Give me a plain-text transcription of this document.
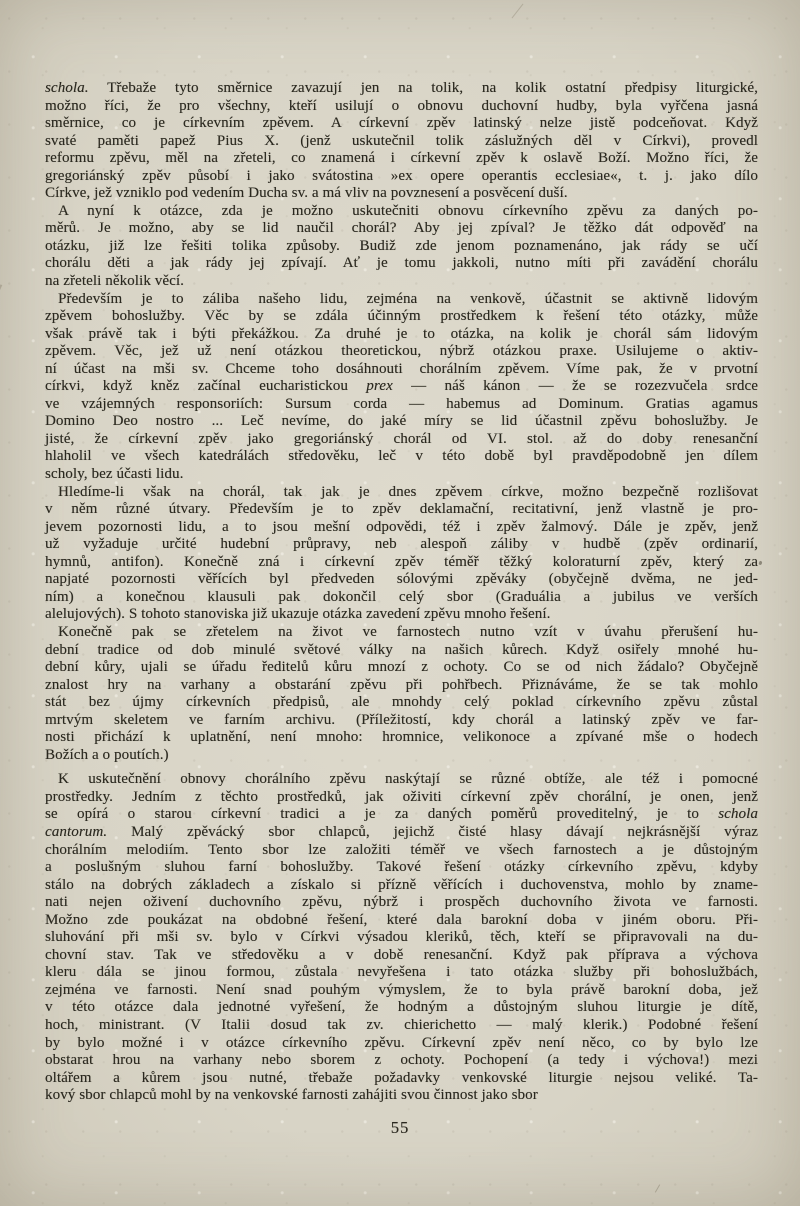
schola. Třebaže tyto směrnice zavazují jen na tolik, na kolik ostatní předpisy liturgické,
možno říci, že pro všechny, kteří usilují o obnovu duchovní hudby, byla vyřčena jasná
směrnice, co je církevním zpěvem. A církevní zpěv latinský nelze jistě podceňovat. Když
svaté paměti papež Pius X. (jenž uskutečnil tolik záslužných děl v Církvi), provedl
reformu zpěvu, měl na zřeteli, co znamená i církevní zpěv k oslavě Boží. Možno říci, že
gregoriánský zpěv působí i jako svátostina »ex opere operantis ecclesiae«, t. j. jako dílo
Církve, jež vzniklo pod vedením Ducha sv. a má vliv na povznesení a posvěcení duší.
A nyní k otázce, zda je možno uskutečniti obnovu církevního zpěvu za daných po-
měrů. Je možno, aby se lid naučil chorál? Aby jej zpíval? Je těžko dát odpověď na
otázku, již lze řešiti tolika způsoby. Budiž zde jenom poznamenáno, jak rády se učí
chorálu děti a jak rády jej zpívají. Ať je tomu jakkoli, nutno míti při zavádění chorálu
na zřeteli několik věcí.
Především je to záliba našeho lidu, zejména na venkově, účastnit se aktivně lidovým
zpěvem bohoslužby. Věc by se zdála účinným prostředkem k řešení této otázky, může
však právě tak i býti překážkou. Za druhé je to otázka, na kolik je chorál sám lidovým
zpěvem. Věc, jež už není otázkou theoretickou, nýbrž otázkou praxe. Usilujeme o aktiv-
ní účast na mši sv. Chceme toho dosáhnouti chorálním zpěvem. Víme pak, že v prvotní
církvi, když kněz začínal eucharistickou prex — náš kánon — že se rozezvučela srdce
ve vzájemných responsoriích: Sursum corda — habemus ad Dominum. Gratias agamus
Domino Deo nostro ... Leč nevíme, do jaké míry se lid účastnil zpěvu bohoslužby. Je
jisté, že církevní zpěv jako gregoriánský chorál od VI. stol. až do doby renesanční
hlaholil ve všech katedrálách středověku, leč v této době byl pravděpodobně jen dílem
scholy, bez účasti lidu.
Hledíme-li však na chorál, tak jak je dnes zpěvem církve, možno bezpečně rozlišovat
v něm různé útvary. Především je to zpěv deklamační, recitativní, jenž vlastně je pro-
jevem pozornosti lidu, a to jsou mešní odpovědi, též i zpěv žalmový. Dále je zpěv, jenž
už vyžaduje určité hudební průpravy, neb alespoň záliby v hudbě (zpěv ordinarií,
hymnů, antifon). Konečně zná i církevní zpěv téměř těžký koloraturní zpěv, který za
napjaté pozornosti věřících byl předveden sólovými zpěváky (obyčejně dvěma, ne jed-
ním) a konečnou klausuli pak dokončil celý sbor (Graduália a jubilus ve verších
alelujových). S tohoto stanoviska již ukazuje otázka zavedení zpěvu mnoho řešení.
Konečně pak se zřetelem na život ve farnostech nutno vzít v úvahu přerušení hu-
dební tradice od dob minulé světové války na našich kůrech. Když osiřely mnohé hu-
dební kůry, ujali se úřadu ředitelů kůru mnozí z ochoty. Co se od nich žádalo? Obyčejně
znalost hry na varhany a obstarání zpěvu při pohřbech. Přiznáváme, že se tak mohlo
stát bez újmy církevních předpisů, ale mnohdy celý poklad církevního zpěvu zůstal
mrtvým skeletem ve farním archivu. (Příležitostí, kdy chorál a latinský zpěv ve far-
nosti přichází k uplatnění, není mnoho: hromnice, velikonoce a zpívané mše o hodech
Božích a o poutích.)
K uskutečnění obnovy chorálního zpěvu naskýtají se různé obtíže, ale též i pomocné
prostředky. Jedním z těchto prostředků, jak oživiti církevní zpěv chorální, je onen, jenž
se opírá o starou církevní tradici a je za daných poměrů proveditelný, je to schola
cantorum. Malý zpěvácký sbor chlapců, jejichž čisté hlasy dávají nejkrásnější výraz
chorálním melodiím. Tento sbor lze založiti téměř ve všech farnostech a je důstojným
a poslušným sluhou farní bohoslužby. Takové řešení otázky církevního zpěvu, kdyby
stálo na dobrých základech a získalo si přízně věřících i duchovenstva, mohlo by zname-
nati nejen oživení duchovního zpěvu, nýbrž i prospěch duchovního života ve farnosti.
Možno zde poukázat na obdobné řešení, které dala barokní doba v jiném oboru. Při-
sluhování při mši sv. bylo v Církvi výsadou kleriků, těch, kteří se připravovali na du-
chovní stav. Tak ve středověku a v době renesanční. Když pak příprava a výchova
kleru dála se jinou formou, zůstala nevyřešena i tato otázka služby při bohoslužbách,
zejména ve farnosti. Není snad pouhým výmyslem, že to byla právě barokní doba, jež
v této otázce dala jednotné vyřešení, že hodným a důstojným sluhou liturgie je dítě,
hoch, ministrant. (V Italii dosud tak zv. chierichetto — malý klerik.) Podobné řešení
by bylo možné i v otázce církevního zpěvu. Církevní zpěv není něco, co by bylo lze
obstarat hrou na varhany nebo sborem z ochoty. Pochopení (a tedy i výchova!) mezi
oltářem a kůrem jsou nutné, třebaže požadavky venkovské liturgie nejsou veliké. Ta-
kový sbor chlapců mohl by na venkovské farnosti zahájiti svou činnost jako sbor
55
